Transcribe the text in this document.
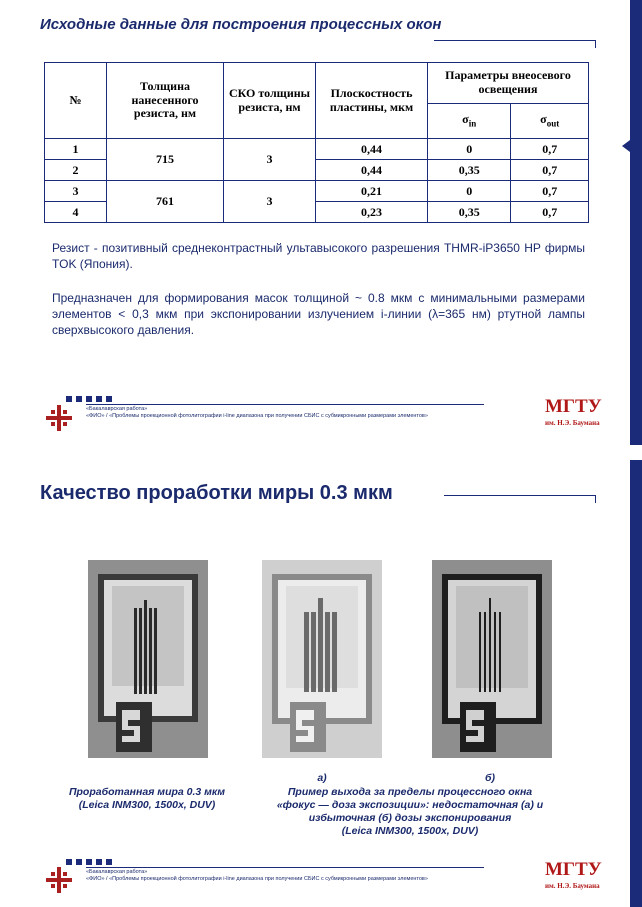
Исходные данные для построения процессных окон
№	Толщина нанесенного резиста, нм	СКО толщины резиста, нм	Плоскостность пластины, мкм	Параметры внеосевого освещения	
				$\sigma_{in}$	$\sigma_{out}$
1	715	3	0,44	0	0,7
2			0,44	0,35	0,7
3	761	3	0,21	0	0,7
4			0,23	0,35	0,7
Резист - позитивный среднеконтрастный ультавысокого разрешения THMR-iP3650 HP фирмы TOK (Япония).
Предназначен для формирования масок толщиной ~ 0.8 мкм с минимальными размерами элементов < 0,3 мкм при экспонировании излучением i-линии (λ=365 нм) ртутной лампы сверхвысокого давления.
«Бакалаврская работа»
«ФИО» / «Проблемы проекционной фотолитографии i-line диапазона при получении СБИС с субмикронными размерами элементов»	МГТУ
им. Н.Э. Баумана
Качество проработки миры 0.3 мкм
а)	б)
Проработанная мира 0.3 мкм
(Leica INM300, 1500x, DUV)
Пример выхода за пределы процессного окна
«фокус — доза экспозиции»: недостаточная (а) и
избыточная (б) дозы экспонирования
(Leica INM300, 1500x, DUV)
«Бакалаврская работа»
«ФИО» / «Проблемы проекционной фотолитографии i-line диапазона при получении СБИС с субмикронными размерами элементов»	МГТУ
им. Н.Э. Баумана
